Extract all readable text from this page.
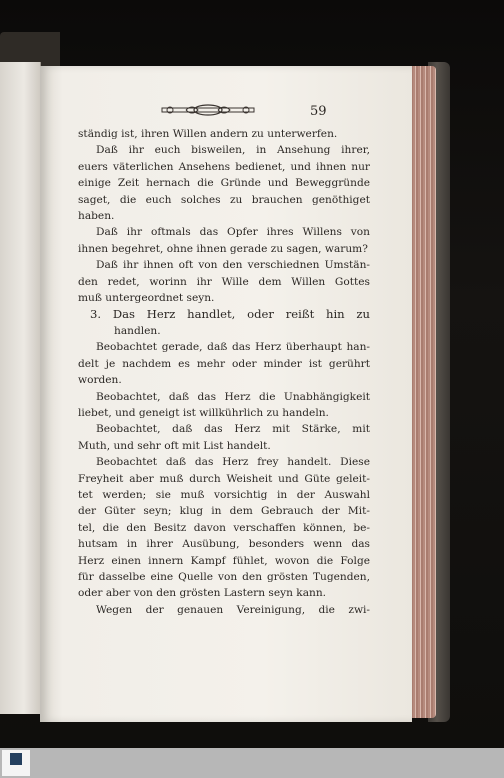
59
ständig ist, ihren Willen andern zu unterwerfen.
Daß ihr euch bisweilen, in Ansehung ihrer,
euers väterlichen Ansehens bedienet, und ihnen nur
einige Zeit hernach die Gründe und Beweggründe
saget, die euch solches zu brauchen genöthiget
haben.
Daß ihr oftmals das Opfer ihres Willens von
ihnen begehret, ohne ihnen gerade zu sagen, warum?
Daß ihr ihnen oft von den verschiednen Umstän-
den redet, worinn ihr Wille dem Willen Gottes
muß untergeordnet seyn.
3. Das Herz handlet, oder reißt hin zu
handlen.
Beobachtet gerade, daß das Herz überhaupt han-
delt je nachdem es mehr oder minder ist gerührt
worden.
Beobachtet, daß das Herz die Unabhängigkeit
liebet, und geneigt ist willkührlich zu handeln.
Beobachtet, daß das Herz mit Stärke, mit
Muth, und sehr oft mit List handelt.
Beobachtet daß das Herz frey handelt. Diese
Freyheit aber muß durch Weisheit und Güte geleit-
tet werden; sie muß vorsichtig in der Auswahl
der Güter seyn; klug in dem Gebrauch der Mit-
tel, die den Besitz davon verschaffen können, be-
hutsam in ihrer Ausübung, besonders wenn das
Herz einen innern Kampf fühlet, wovon die Folge
für dasselbe eine Quelle von den grösten Tugenden,
oder aber von den grösten Lastern seyn kann.
Wegen der genauen Vereinigung, die zwi-
